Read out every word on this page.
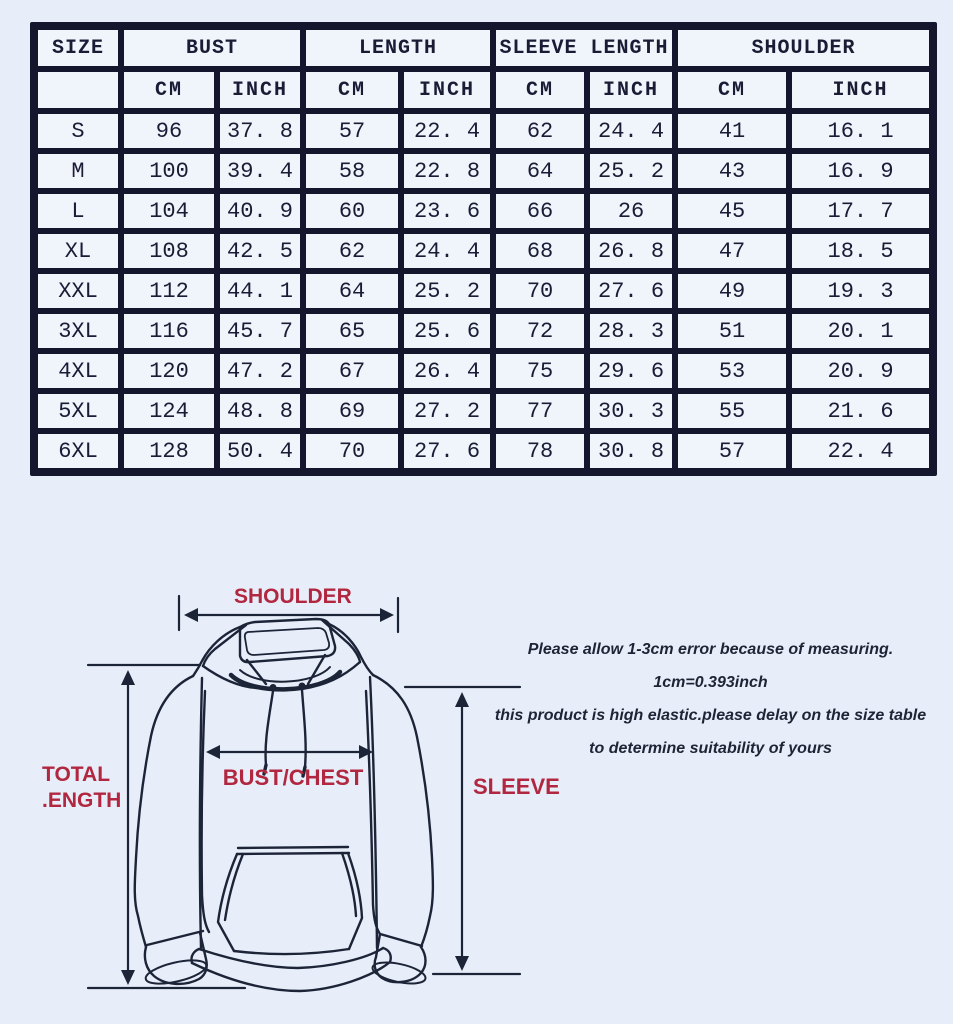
SIZE	BUST		LENGTH		SLEEVE LENGTH		SHOULDER	
	CM	INCH	CM	INCH	CM	INCH	CM	INCH
S	96	37. 8	57	22. 4	62	24. 4	41	16. 1
M	100	39. 4	58	22. 8	64	25. 2	43	16. 9
L	104	40. 9	60	23. 6	66	26	45	17. 7
XL	108	42. 5	62	24. 4	68	26. 8	47	18. 5
XXL	112	44. 1	64	25. 2	70	27. 6	49	19. 3
3XL	116	45. 7	65	25. 6	72	28. 3	51	20. 1
4XL	120	47. 2	67	26. 4	75	29. 6	53	20. 9
5XL	124	48. 8	69	27. 2	77	30. 3	55	21. 6
6XL	128	50. 4	70	27. 6	78	30. 8	57	22. 4
SHOULDER
BUST/CHEST
TOTAL
.ENGTH
SLEEVE
Please allow 1-3cm error because of measuring.
1cm=0.393inch
this product is high elastic.please delay on the size table
to determine suitability of yours
